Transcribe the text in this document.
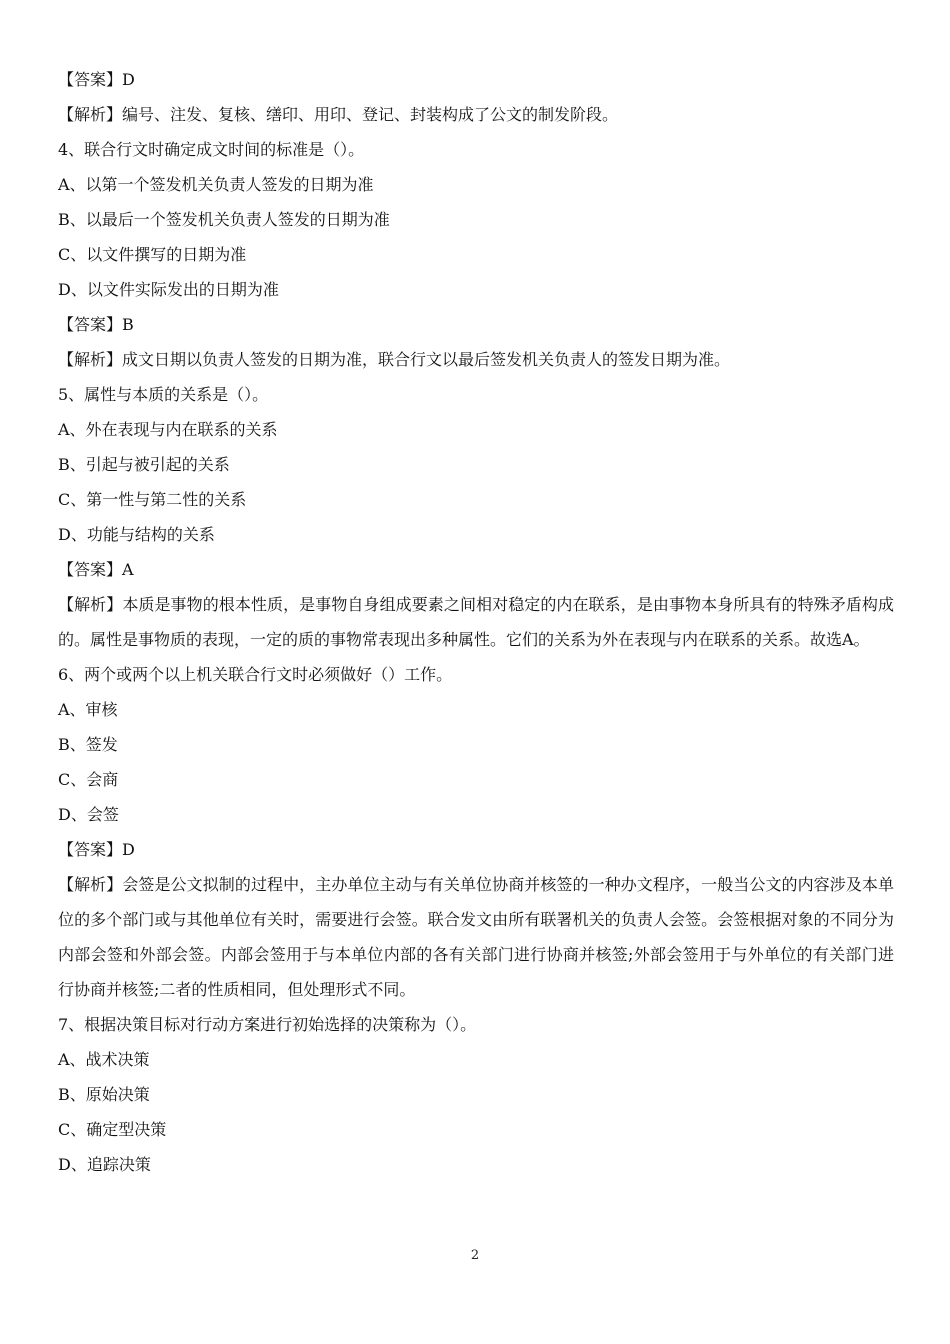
【答案】D

【解析】编号、注发、复核、缮印、用印、登记、封装构成了公文的制发阶段。

4、联合行文时确定成文时间的标准是（）。

A、以第一个签发机关负责人签发的日期为准

B、以最后一个签发机关负责人签发的日期为准

C、以文件撰写的日期为准

D、以文件实际发出的日期为准

【答案】B

【解析】成文日期以负责人签发的日期为准，联合行文以最后签发机关负责人的签发日期为准。

5、属性与本质的关系是（）。

A、外在表现与内在联系的关系

B、引起与被引起的关系

C、第一性与第二性的关系

D、功能与结构的关系

【答案】A

【解析】本质是事物的根本性质，是事物自身组成要素之间相对稳定的内在联系，是由事物本身所具有的特殊矛盾构成的。属性是事物质的表现，一定的质的事物常表现出多种属性。它们的关系为外在表现与内在联系的关系。故选A。

6、两个或两个以上机关联合行文时必须做好（）工作。

A、审核

B、签发

C、会商

D、会签

【答案】D

【解析】会签是公文拟制的过程中，主办单位主动与有关单位协商并核签的一种办文程序，一般当公文的内容涉及本单位的多个部门或与其他单位有关时，需要进行会签。联合发文由所有联署机关的负责人会签。会签根据对象的不同分为内部会签和外部会签。内部会签用于与本单位内部的各有关部门进行协商并核签;外部会签用于与外单位的有关部门进行协商并核签;二者的性质相同，但处理形式不同。

7、根据决策目标对行动方案进行初始选择的决策称为（）。

A、战术决策

B、原始决策

C、确定型决策

D、追踪决策

2
